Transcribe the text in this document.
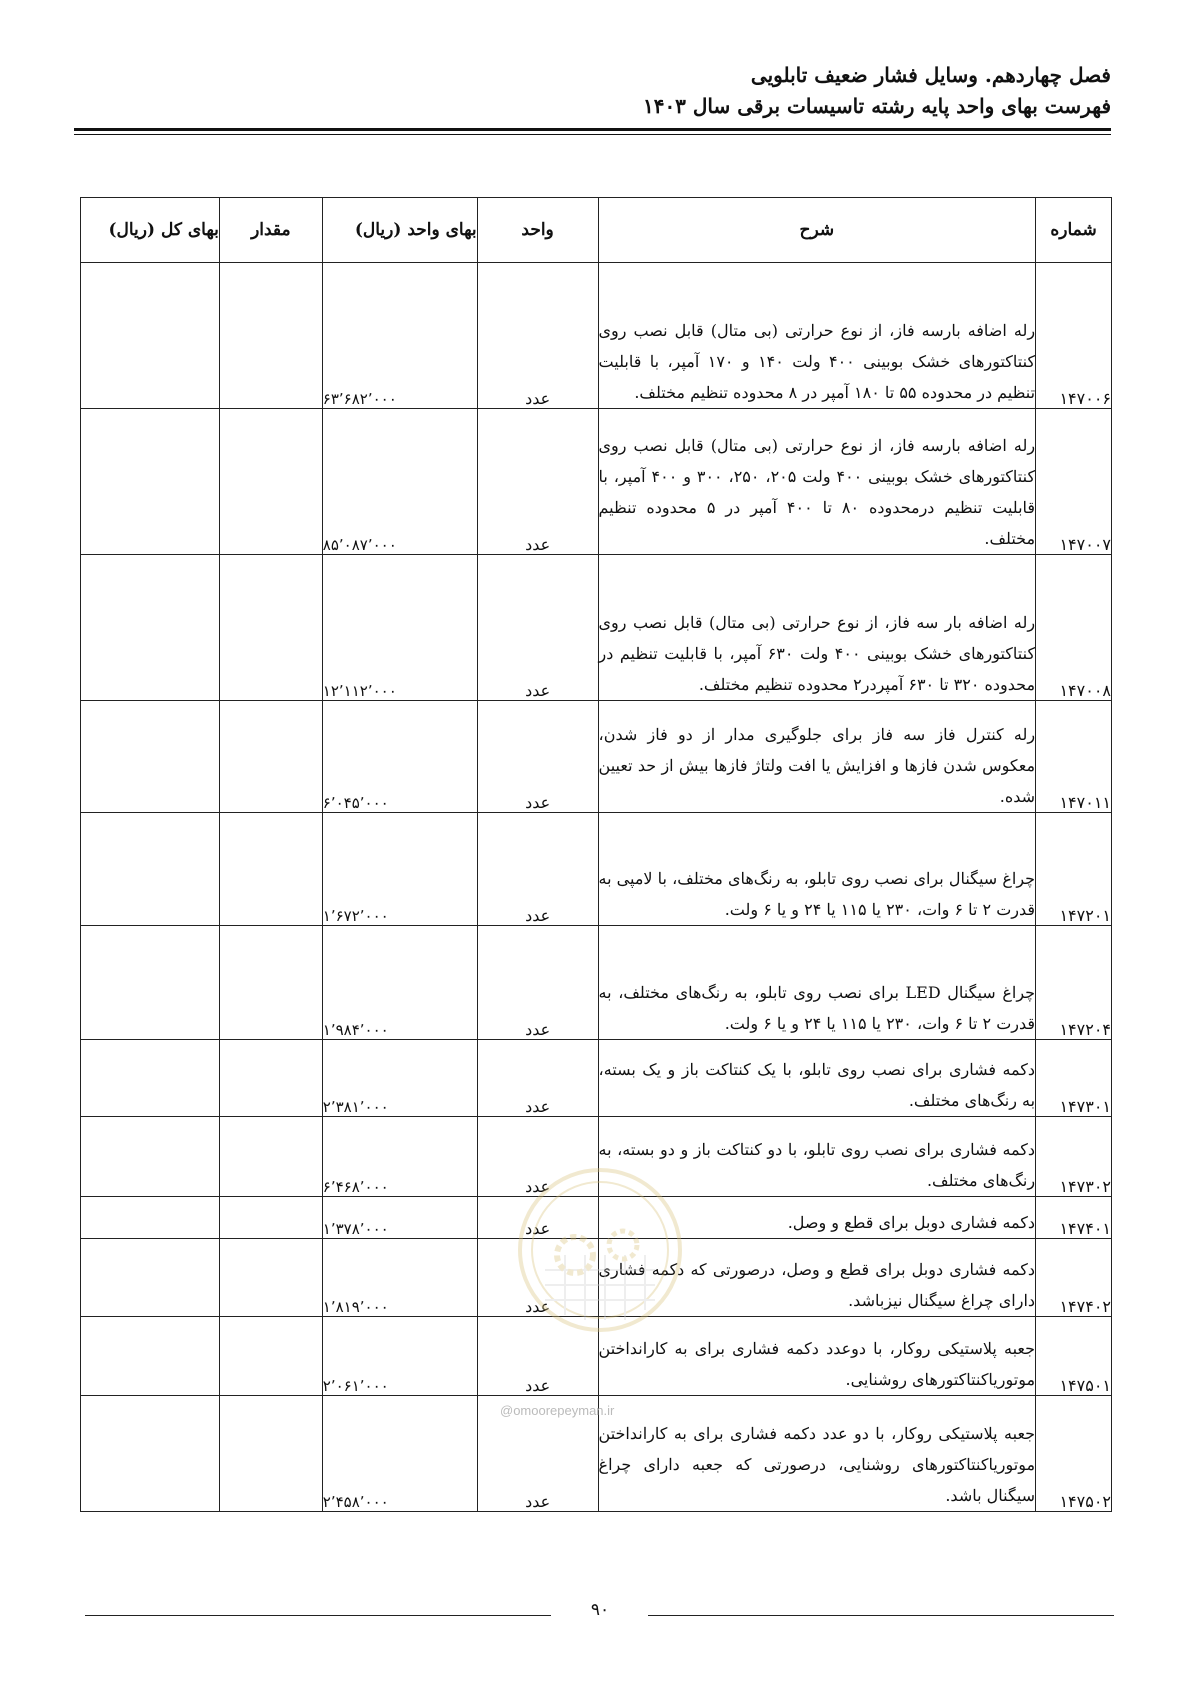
فصل چهاردهم. وسایل فشار ضعیف تابلویی
فهرست بهای واحد پایه رشته تاسیسات برقی سال ۱۴۰۳
شماره	شرح	واحد	بهای واحد (ریال)	مقدار	بهای کل (ریال)
۱۴۷۰۰۶	رله اضافه بارسه فاز، از نوع حرارتی (بی متال) قابل نصب روی کنتاکتورهای خشک بوبینی ۴۰۰ ولت ۱۴۰ و ۱۷۰ آمپر، با قابلیت تنظیم در محدوده ۵۵ تا ۱۸۰ آمپر در ۸ محدوده تنظیم مختلف.	عدد	۶۳٬۶۸۲٬۰۰۰		
۱۴۷۰۰۷	رله اضافه بارسه فاز، از نوع حرارتی (بی متال) قابل نصب روی کنتاکتورهای خشک بوبینی ۴۰۰ ولت ۲۰۵، ۲۵۰، ۳۰۰ و ۴۰۰ آمپر، با قابلیت تنظیم درمحدوده ۸۰ تا ۴۰۰ آمپر در ۵ محدوده تنظیم مختلف.	عدد	۸۵٬۰۸۷٬۰۰۰		
۱۴۷۰۰۸	رله اضافه بار سه فاز، از نوع حرارتی (بی متال) قابل نصب روی کنتاکتورهای خشک بوبینی ۴۰۰ ولت ۶۳۰ آمپر، با قابلیت تنظیم در محدوده ۳۲۰ تا ۶۳۰ آمپردر۲ محدوده تنظیم مختلف.	عدد	۱۲٬۱۱۲٬۰۰۰		
۱۴۷۰۱۱	رله کنترل فاز سه فاز برای جلوگیری مدار از دو فاز شدن، معکوس شدن فازها و افزایش یا افت ولتاژ فازها بیش از حد تعیین شده.	عدد	۶٬۰۴۵٬۰۰۰		
۱۴۷۲۰۱	چراغ سیگنال برای نصب روی تابلو، به رنگ‌های مختلف، با لامپی به قدرت ۲ تا ۶ وات، ۲۳۰ یا ۱۱۵ یا ۲۴ و یا ۶ ولت.	عدد	۱٬۶۷۲٬۰۰۰		
۱۴۷۲۰۴	چراغ سیگنال LED برای نصب روی تابلو، به رنگ‌های مختلف، به قدرت ۲ تا ۶ وات، ۲۳۰ یا ۱۱۵ یا ۲۴ و یا ۶ ولت.	عدد	۱٬۹۸۴٬۰۰۰		
۱۴۷۳۰۱	دکمه فشاری برای نصب روی تابلو، با یک کنتاکت باز و یک بسته، به رنگ‌های مختلف.	عدد	۲٬۳۸۱٬۰۰۰		
۱۴۷۳۰۲	دکمه فشاری برای نصب روی تابلو، با دو کنتاکت باز و دو بسته، به رنگ‌های مختلف.	عدد	۶٬۴۶۸٬۰۰۰		
۱۴۷۴۰۱	دکمه فشاری دوبل برای قطع و وصل.	عدد	۱٬۳۷۸٬۰۰۰		
۱۴۷۴۰۲	دکمه فشاری دوبل برای قطع و وصل، درصورتی که دکمه فشاری دارای چراغ سیگنال نیزباشد.	عدد	۱٬۸۱۹٬۰۰۰		
۱۴۷۵۰۱	جعبه پلاستیکی روکار، با دوعدد دکمه فشاری برای به کارانداختن موتوریاکنتاکتورهای روشنایی.	عدد	۲٬۰۶۱٬۰۰۰		
۱۴۷۵۰۲	جعبه پلاستیکی روکار، با دو عدد دکمه فشاری برای به کارانداختن موتوریاکنتاکتورهای روشنایی، درصورتی که جعبه دارای چراغ سیگنال باشد.	عدد	۲٬۴۵۸٬۰۰۰		
@omoorepeyman.ir
۹۰
